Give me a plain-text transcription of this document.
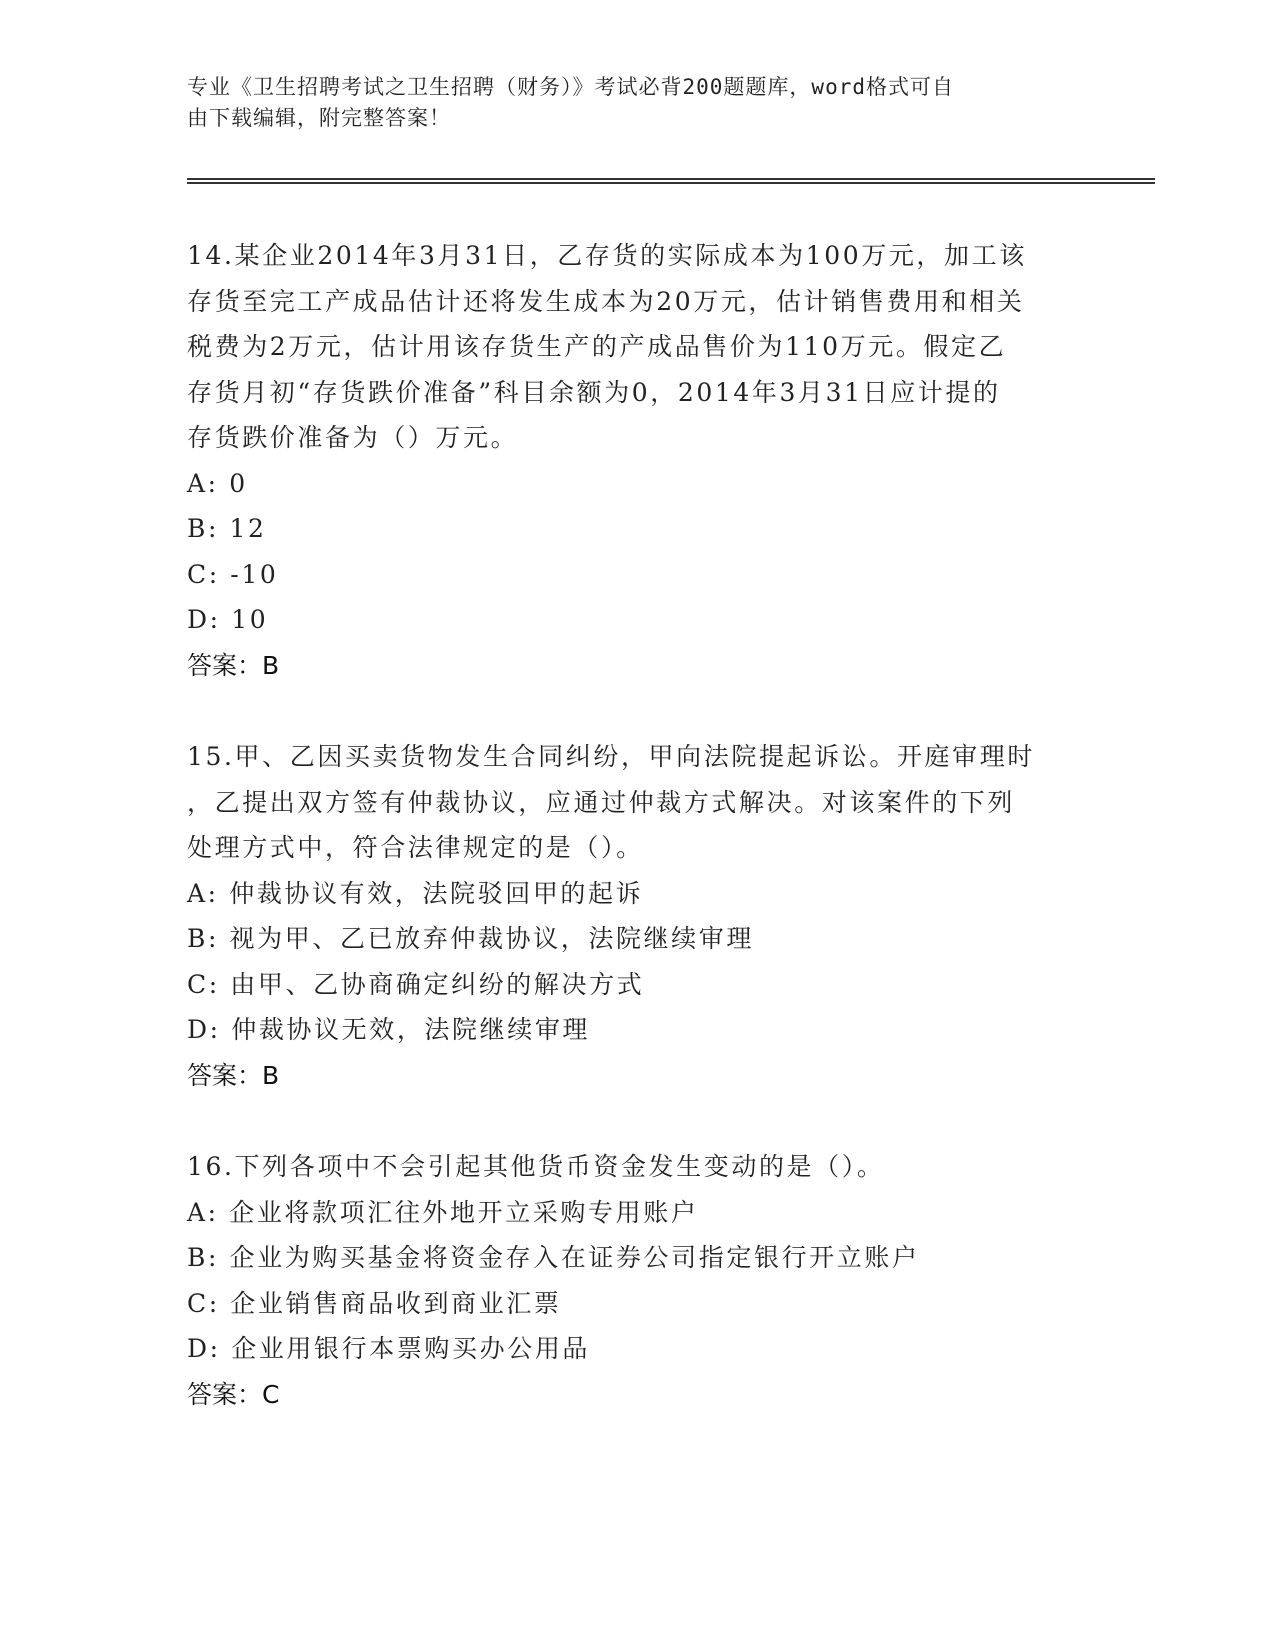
专业《卫生招聘考试之卫生招聘（财务）》考试必背200题题库，word格式可自
由下载编辑，附完整答案！

14.某企业2014年3月31日，乙存货的实际成本为100万元，加工该

存货至完工产成品估计还将发生成本为20万元，估计销售费用和相关

税费为2万元，估计用该存货生产的产成品售价为110万元。假定乙

存货月初“存货跌价准备”科目余额为0，2014年3月31日应计提的

存货跌价准备为（）万元。

A: 0

B: 12

C: -10

D: 10

答案：B

15.甲、乙因买卖货物发生合同纠纷，甲向法院提起诉讼。开庭审理时

，乙提出双方签有仲裁协议，应通过仲裁方式解决。对该案件的下列

处理方式中，符合法律规定的是（）。

A: 仲裁协议有效，法院驳回甲的起诉

B: 视为甲、乙已放弃仲裁协议，法院继续审理

C: 由甲、乙协商确定纠纷的解决方式

D: 仲裁协议无效，法院继续审理

答案：B

16.下列各项中不会引起其他货币资金发生变动的是（）。

A: 企业将款项汇往外地开立采购专用账户

B: 企业为购买基金将资金存入在证券公司指定银行开立账户

C: 企业销售商品收到商业汇票

D: 企业用银行本票购买办公用品

答案：C
